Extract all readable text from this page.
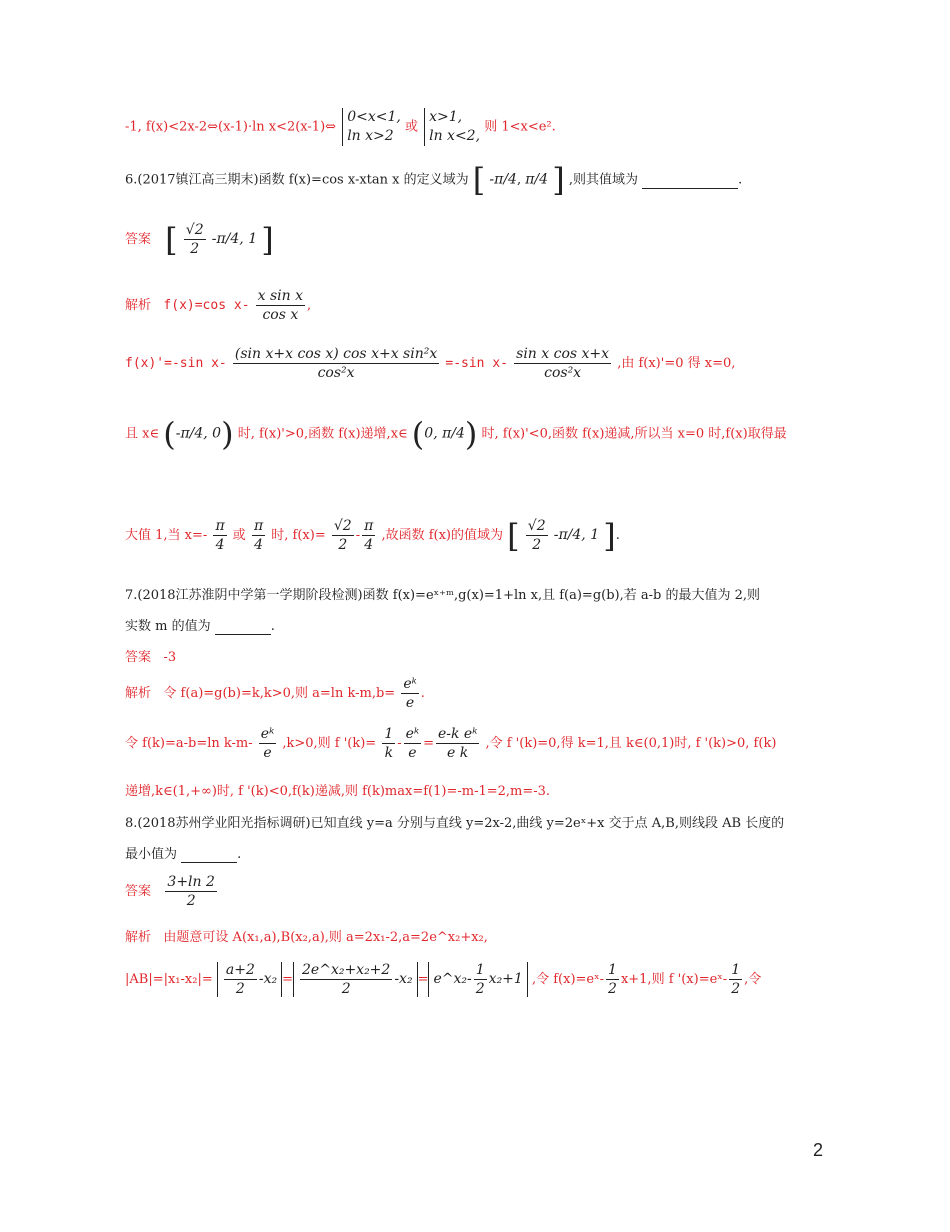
-1, f(x)<2x-2⇔(x-1)·ln x<2(x-1)⇔
0<x<1,
ln x>2
或
x>1,
ln x<2,
则 1<x<e².
6.(2017镇江高三期末)函数 f(x)=cos x-xtan x 的定义域为 [ -π/4, π/4 ] ,则其值域为	.
答案 [ $\frac{√2}{2} -\pi/4$, 1 ]
解析 f(x)=cos $x- \frac{\text{x sin x}}{\text{cos x}}$ ,
f(x)'=-sin $x- \frac{\text{(sin x+x cos x) cos x+x sin²x}}{\text{cos²x}} =-\sin$ $x- \frac{\text{sin x cos x+x}}{\text{cos²x}}$ ,由 f(x)'=0 得 x=0,
且 x∈ (-π/4, 0) 时, f(x)'>0,函数 f(x)递增,x∈ (0, π/4) 时, f(x)'<0,函数 f(x)递减,所以当 x=0 时,f(x)取得最
大值 1,当 $x=- \frac{\pi}{4}$ 或 $\frac{\pi}{4}$ 时, $f(x)= \frac{√2}{2} - \frac{\pi}{4}$ ,故函数 f(x)的值域为 [ $\frac{√2}{2} -\pi/4$, 1 ].
7.(2018江苏淮阴中学第一学期阶段检测)函数 f(x)=eˣ⁺ᵐ,g(x)=1+ln x,且 f(a)=g(b),若 a-b 的最大值为 2,则
实数 m 的值为	.
答案 -3
解析 令 f(a)=g(b)=k,k>0,则 a=ln $k-m,b= \frac{\text{eᵏ}}{e}$ .
令 f(k)=a-b=ln $k-m- \frac{\text{eᵏ}}{e} ,k>0$,则 f '$(k)= \frac{1}{k} - \frac{\text{eᵏ}}{e} = \frac{\text{e-k eᵏ}}{\text{e k}}$ ,令 f '(k)=0,得 k=1,且 k∈(0,1)时, f '(k)>0, f(k)
递增,k∈(1,+∞)时, f '(k)<0,f(k)递减,则 f(k)max=f(1)=-m-1=2,m=-3.
8.(2018苏州学业阳光指标调研)已知直线 y=a 分别与直线 y=2x-2,曲线 y=2eˣ+x 交于点 A,B,则线段 AB 长度的
最小值为	.
答案 $\frac{3+\ln 2}{2}$
解析 由题意可设 A(x₁,a),B(x₂,a),则 a=2x₁-2,a=2e^x₂+x₂,
$|AB|=|x_1-x_2|= \frac{a+2}{2} -x_2 = \frac{\text{2e\textasciicircum{}x₂+x₂+2}}{2} -x_2$ = e^x₂- $\frac{1}{2} x_2+1$ ,令 f(x)=eˣ- $\frac{1}{2} x+1$,则 f '(x)=eˣ- $\frac{1}{2}$ ,令
2
